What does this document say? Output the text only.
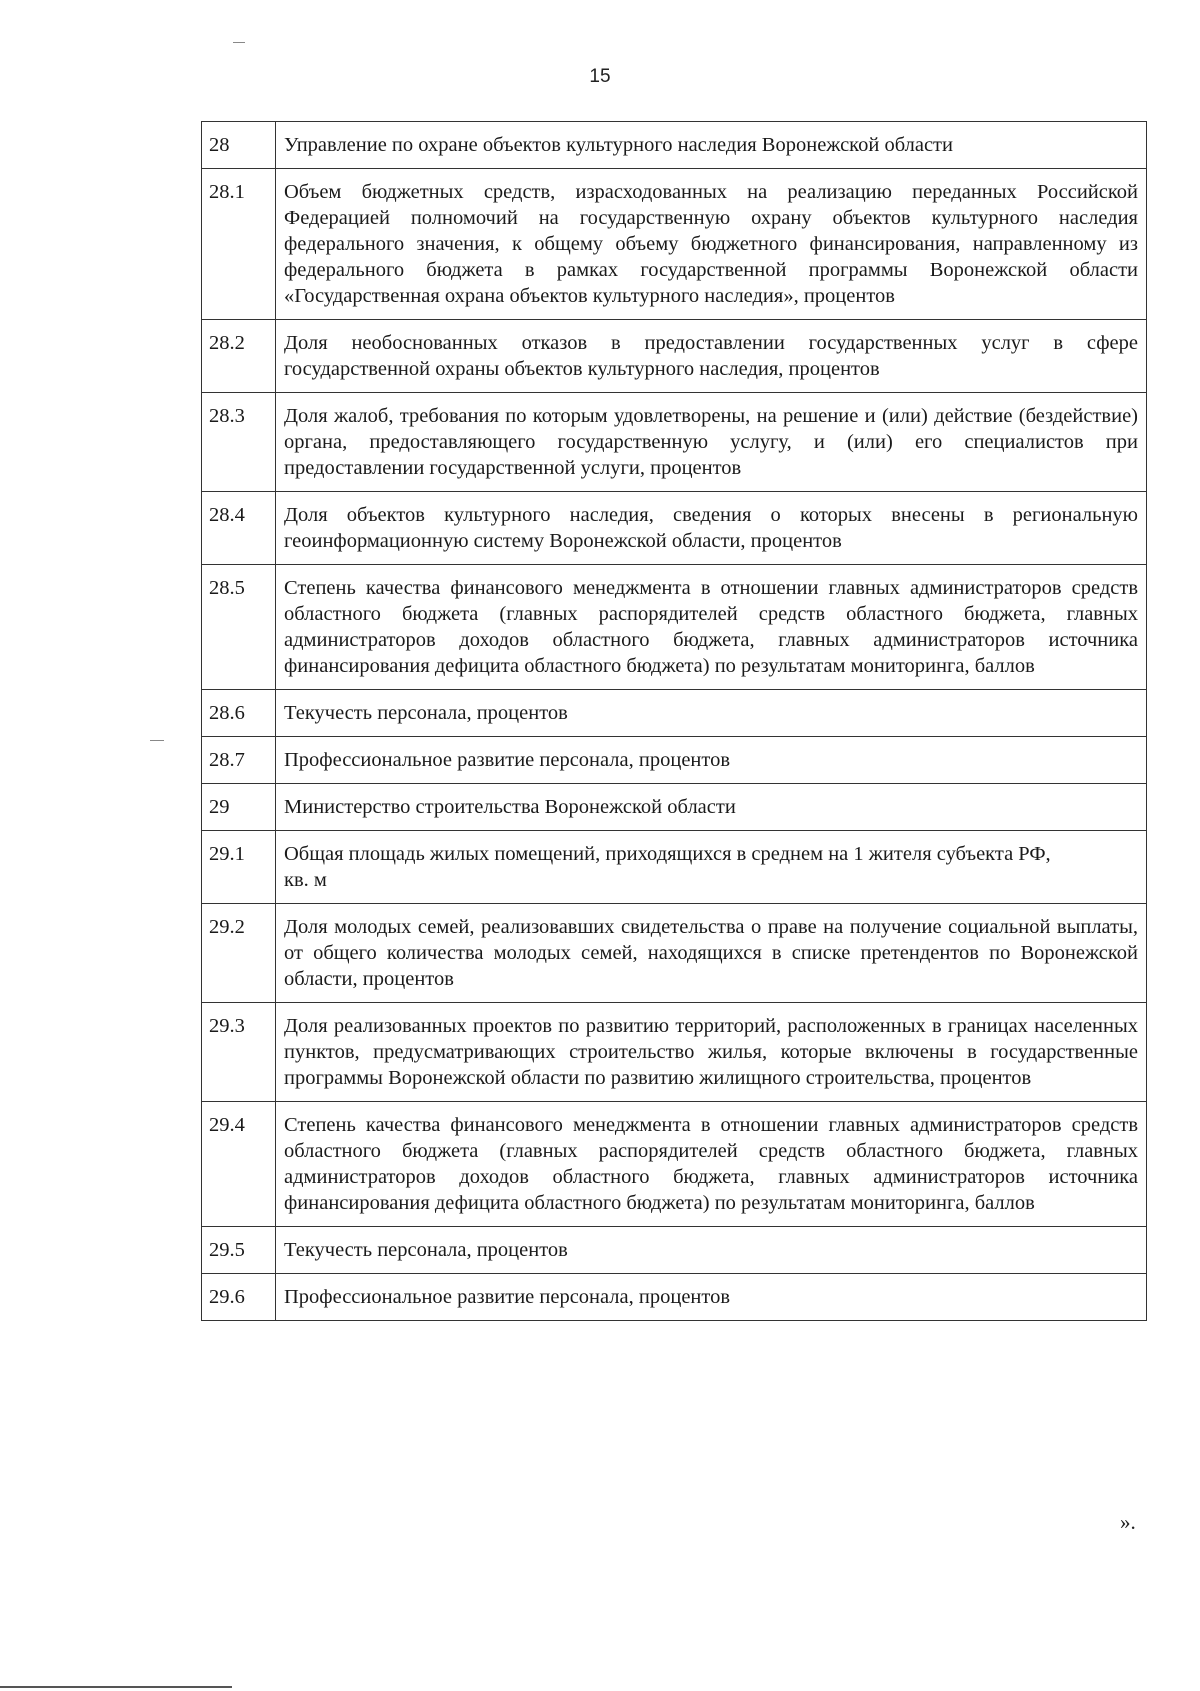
15
28	Управление по охране объектов культурного наследия Воронежской области
28.1	Объем бюджетных средств, израсходованных на реализацию переданных Российской Федерацией полномочий на государственную охрану объектов культурного наследия федерального значения, к общему объему бюджетного финансирования, направленному из федерального бюджета в рамках государственной программы Воронежской области «Государственная охрана объектов культурного наследия», процентов
28.2	Доля необоснованных отказов в предоставлении государственных услуг в сфере государственной охраны объектов культурного наследия, процентов
28.3	Доля жалоб, требования по которым удовлетворены, на решение и (или) действие (бездействие) органа, предоставляющего государственную услугу, и (или) его специалистов при предоставлении государственной услуги, процентов
28.4	Доля объектов культурного наследия, сведения о которых внесены в региональную геоинформационную систему Воронежской области, процентов
28.5	Степень качества финансового менеджмента в отношении главных администраторов средств областного бюджета (главных распорядителей средств областного бюджета, главных администраторов доходов областного бюджета, главных администраторов источника финансирования дефицита областного бюджета) по результатам мониторинга, баллов
28.6	Текучесть персонала, процентов
28.7	Профессиональное развитие персонала, процентов
29	Министерство строительства Воронежской области
29.1	Общая площадь жилых помещений, приходящихся в среднем на 1 жителя субъекта РФ, кв. м
29.2	Доля молодых семей, реализовавших свидетельства о праве на получение социальной выплаты, от общего количества молодых семей, находящихся в списке претендентов по Воронежской области, процентов
29.3	Доля реализованных проектов по развитию территорий, расположенных в границах населенных пунктов, предусматривающих строительство жилья, которые включены в государственные программы Воронежской области по развитию жилищного строительства, процентов
29.4	Степень качества финансового менеджмента в отношении главных администраторов средств областного бюджета (главных распорядителей средств областного бюджета, главных администраторов доходов областного бюджета, главных администраторов источника финансирования дефицита областного бюджета) по результатам мониторинга, баллов
29.5	Текучесть персонала, процентов
29.6	Профессиональное развитие персонала, процентов
».
